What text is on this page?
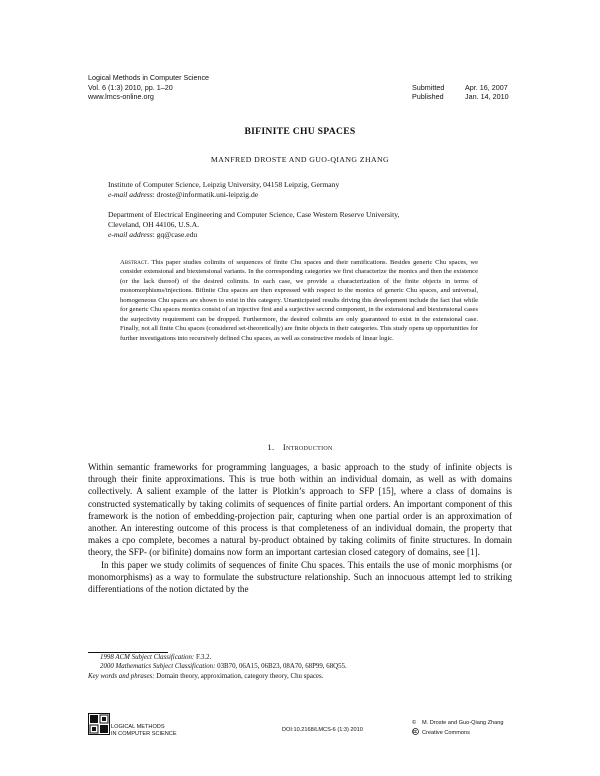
Logical Methods in Computer Science
Vol. 6 (1:3) 2010, pp. 1–20
www.lmcs-online.org
Submitted	Apr. 16, 2007
Published	Jan. 14, 2010
BIFINITE CHU SPACES
MANFRED DROSTE AND GUO-QIANG ZHANG
Institute of Computer Science, Leipzig University, 04158 Leipzig, Germany
e-mail address: droste@informatik.uni-leipzig.de
Department of Electrical Engineering and Computer Science, Case Western Reserve University,
Cleveland, OH 44106, U.S.A.
e-mail address: gq@case.edu
Abstract. This paper studies colimits of sequences of finite Chu spaces and their ramifications. Besides generic Chu spaces, we consider extensional and biextensional variants. In the corresponding categories we first characterize the monics and then the existence (or the lack thereof) of the desired colimits. In each case, we provide a characterization of the finite objects in terms of monomorphisms/injections. Bifinite Chu spaces are then expressed with respect to the monics of generic Chu spaces, and universal, homogeneous Chu spaces are shown to exist in this category. Unanticipated results driving this development include the fact that while for generic Chu spaces monics consist of an injective first and a surjective second component, in the extensional and biextensional cases the surjectivity requirement can be dropped. Furthermore, the desired colimits are only guaranteed to exist in the extensional case. Finally, not all finite Chu spaces (considered set-theoretically) are finite objects in their categories. This study opens up opportunities for further investigations into recursively defined Chu spaces, as well as constructive models of linear logic.
1. Introduction

Within semantic frameworks for programming languages, a basic approach to the study of infinite objects is through their finite approximations. This is true both within an individual domain, as well as with domains collectively. A salient example of the latter is Plotkin’s approach to SFP [15], where a class of domains is constructed systematically by taking colimits of sequences of finite partial orders. An important component of this framework is the notion of embedding-projection pair, capturing when one partial order is an approximation of another. An interesting outcome of this process is that completeness of an individual domain, the property that makes a cpo complete, becomes a natural by-product obtained by taking colimits of finite structures. In domain theory, the SFP- (or bifinite) domains now form an important cartesian closed category of domains, see [1].

In this paper we study colimits of sequences of finite Chu spaces. This entails the use of monic morphisms (or monomorphisms) as a way to formulate the substructure relationship. Such an innocuous attempt led to striking differentiations of the notion dictated by the

1998 ACM Subject Classification: F.3.2.
2000 Mathematics Subject Classification: 03B70, 06A15, 06B23, 08A70, 68P99, 68Q55.
Key words and phrases: Domain theory, approximation, category theory, Chu spaces.
LOGICAL METHODS
IN COMPUTER SCIENCE
DOI:10.2168/LMCS-6 (1:3) 2010
© M. Droste and Guo-Qiang Zhang
Creative Commons
